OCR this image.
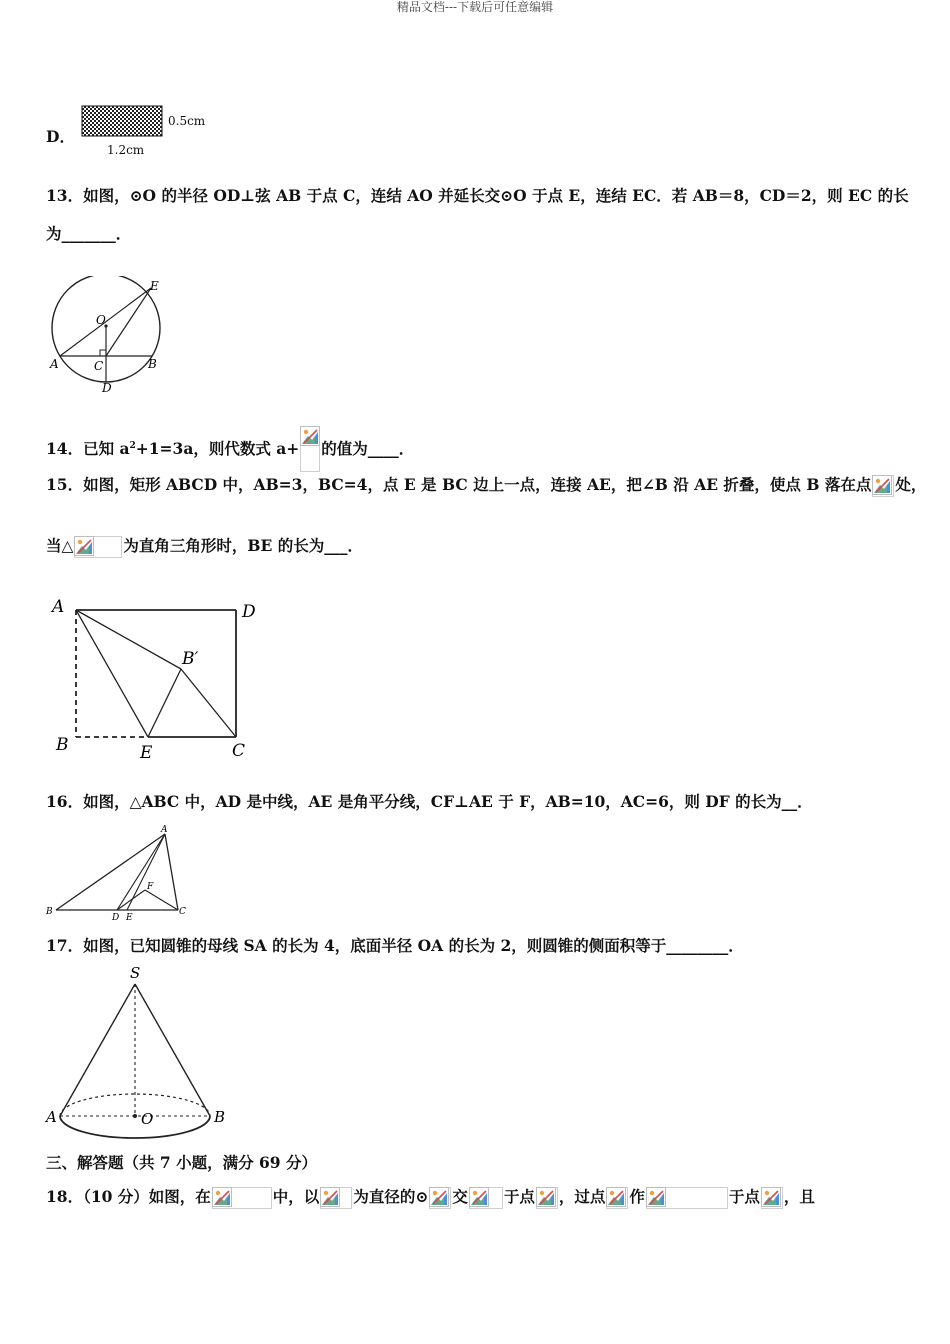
精品文档---下载后可任意编辑
D．
0.5cm
1.2cm
13．如图，⊙O 的半径 OD⊥弦 AB 于点 C，连结 AO 并延长交⊙O 于点 E，连结 EC．若 AB＝8，CD＝2，则 EC 的长
为_______．
O
E
A	C	B
D
14．已知 $a^2+1=3a$，则代数式 a+ 的值为____．
15．如图，矩形 ABCD 中，AB=3，BC=4，点 E 是 BC 边上一点，连接 AE，把∠B 沿 AE 折叠，使点 B 落在点 处，
当△	为直角三角形时，BE 的长为___．
A	D
B′
B	E	C
16．如图，△ABC 中，AD 是中线，AE 是角平分线，CF⊥AE 于 F，AB=10，AC=6，则 DF 的长为__．
A
B
D E
F
C
17．如图，已知圆锥的母线 SA 的长为 4，底面半径 OA 的长为 2，则圆锥的侧面积等于________．
S
A	O	B
三、解答题（共 7 小题，满分 69 分）
18．（10 分）如图，在	中，以 为直径的⊙ 交 于点 ，过点 作	于点 ，且
